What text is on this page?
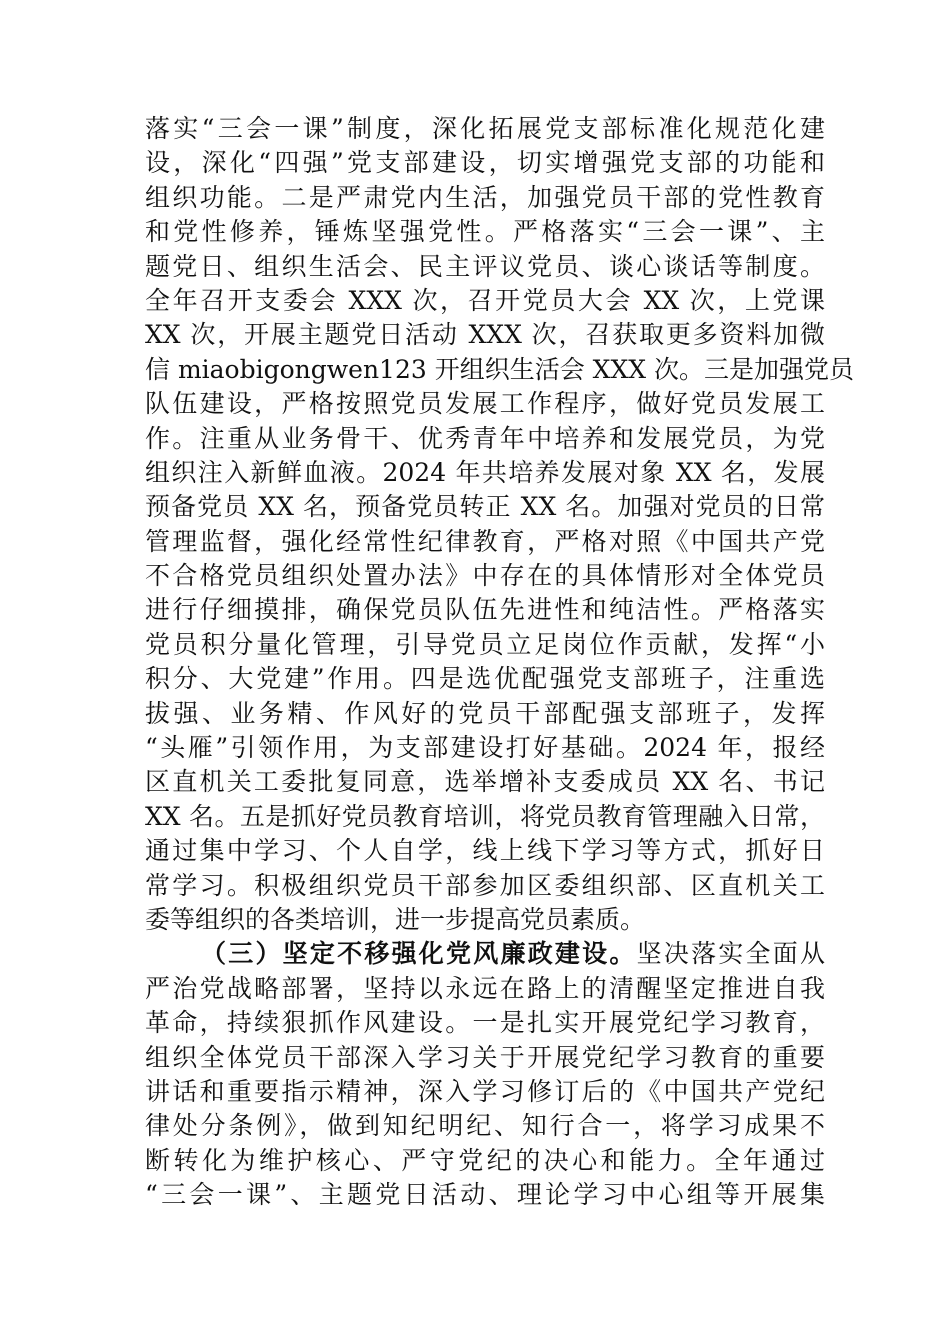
落实“三会一课”制度，深化拓展党支部标准化规范化建
设，深化“四强”党支部建设，切实增强党支部的功能和
组织功能。二是严肃党内生活，加强党员干部的党性教育
和党性修养，锤炼坚强党性。严格落实“三会一课”、主
题党日、组织生活会、民主评议党员、谈心谈话等制度。
全年召开支委会 XXX 次，召开党员大会 XX 次，上党课
XX 次，开展主题党日活动 XXX 次，召获取更多资料加微
信 miaobigongwen123 开组织生活会 XXX 次。三是加强党员
队伍建设，严格按照党员发展工作程序，做好党员发展工
作。注重从业务骨干、优秀青年中培养和发展党员，为党
组织注入新鲜血液。2024 年共培养发展对象 XX 名，发展
预备党员 XX 名，预备党员转正 XX 名。加强对党员的日常
管理监督，强化经常性纪律教育，严格对照《中国共产党
不合格党员组织处置办法》中存在的具体情形对全体党员
进行仔细摸排，确保党员队伍先进性和纯洁性。严格落实
党员积分量化管理，引导党员立足岗位作贡献，发挥“小
积分、大党建”作用。四是选优配强党支部班子，注重选
拔强、业务精、作风好的党员干部配强支部班子，发挥
“头雁”引领作用，为支部建设打好基础。2024 年，报经
区直机关工委批复同意，选举增补支委成员 XX 名、书记
XX 名。五是抓好党员教育培训，将党员教育管理融入日常，
通过集中学习、个人自学，线上线下学习等方式，抓好日
常学习。积极组织党员干部参加区委组织部、区直机关工
委等组织的各类培训，进一步提高党员素质。
（三）坚定不移强化党风廉政建设。坚决落实全面从
严治党战略部署，坚持以永远在路上的清醒坚定推进自我
革命，持续狠抓作风建设。一是扎实开展党纪学习教育，
组织全体党员干部深入学习关于开展党纪学习教育的重要
讲话和重要指示精神，深入学习修订后的《中国共产党纪
律处分条例》，做到知纪明纪、知行合一，将学习成果不
断转化为维护核心、严守党纪的决心和能力。全年通过
“三会一课”、主题党日活动、理论学习中心组等开展集
